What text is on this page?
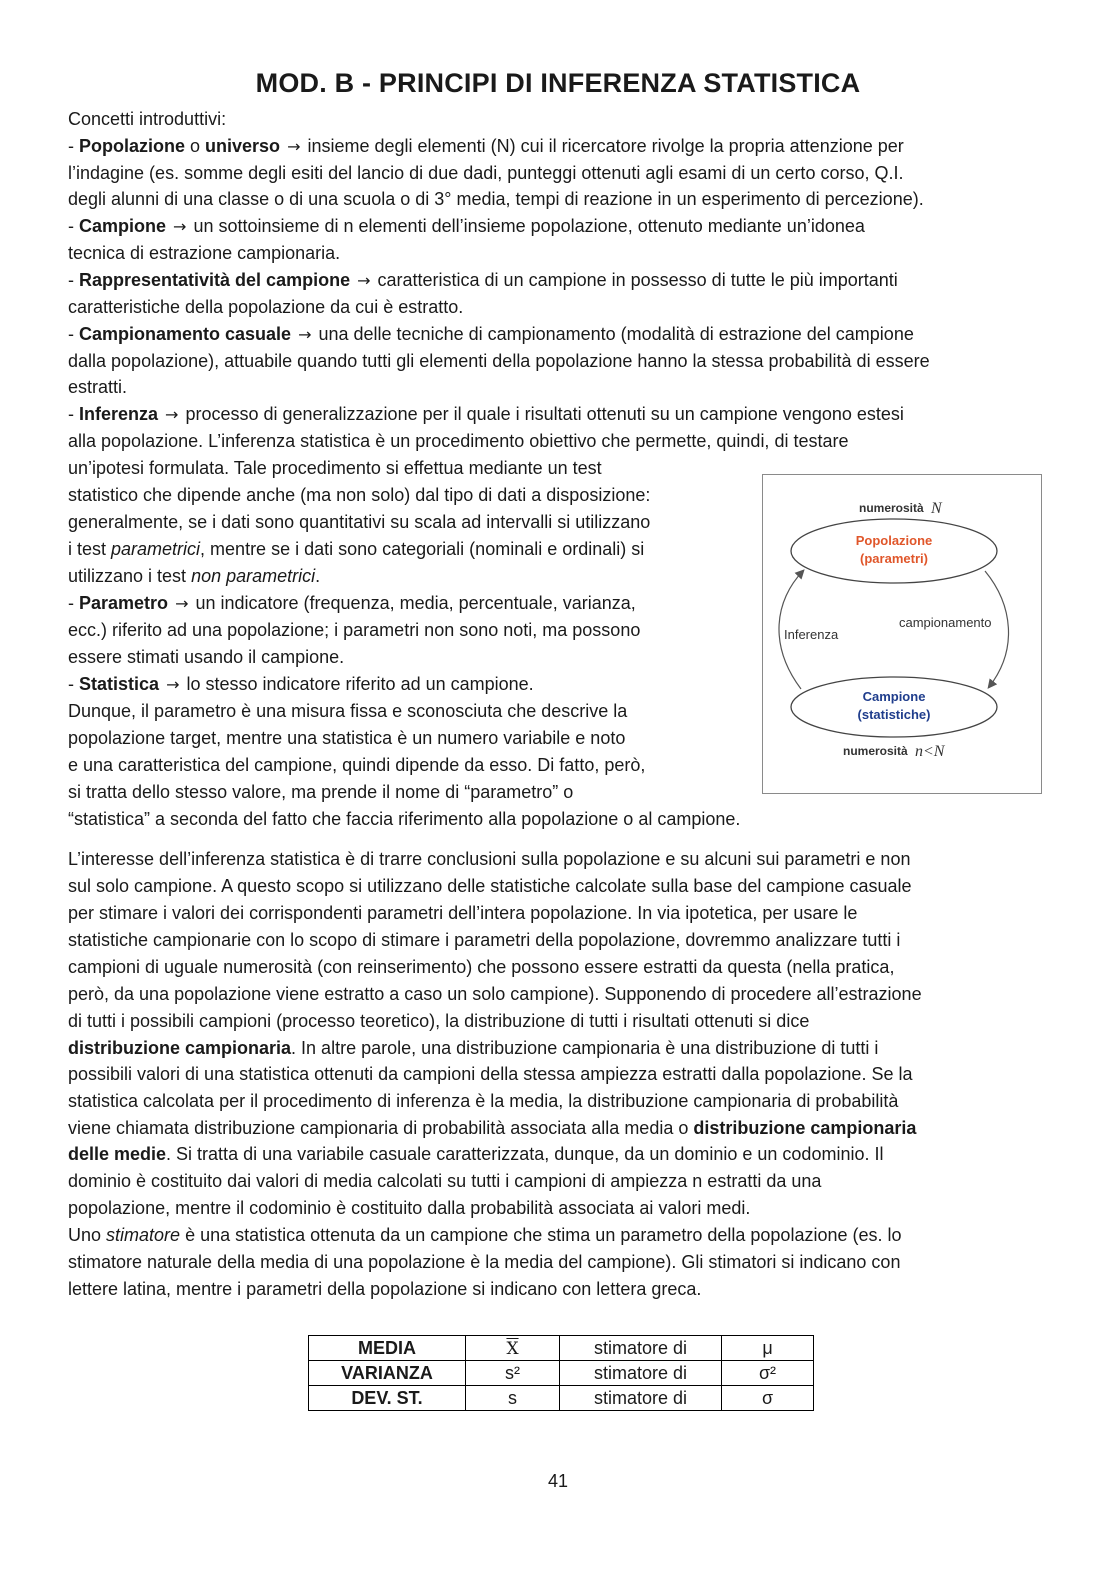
MOD. B - PRINCIPI DI INFERENZA STATISTICA
Concetti introduttivi:
- Popolazione o universo → insieme degli elementi (N) cui il ricercatore rivolge la propria attenzione per
l’indagine (es. somme degli esiti del lancio di due dadi, punteggi ottenuti agli esami di un certo corso, Q.I.
degli alunni di una classe o di una scuola o di 3° media, tempi di reazione in un esperimento di percezione).
- Campione → un sottoinsieme di n elementi dell’insieme popolazione, ottenuto mediante un’idonea
tecnica di estrazione campionaria.
- Rappresentatività del campione → caratteristica di un campione in possesso di tutte le più importanti
caratteristiche della popolazione da cui è estratto.
- Campionamento casuale → una delle tecniche di campionamento (modalità di estrazione del campione
dalla popolazione), attuabile quando tutti gli elementi della popolazione hanno la stessa probabilità di essere
estratti.
- Inferenza → processo di generalizzazione per il quale i risultati ottenuti su un campione vengono estesi
alla popolazione. L’inferenza statistica è un procedimento obiettivo che permette, quindi, di testare
un’ipotesi formulata. Tale procedimento si effettua mediante un test
statistico che dipende anche (ma non solo) dal tipo di dati a disposizione:
generalmente, se i dati sono quantitativi su scala ad intervalli si utilizzano
i test parametrici, mentre se i dati sono categoriali (nominali e ordinali) si
utilizzano i test non parametrici.
- Parametro → un indicatore (frequenza, media, percentuale, varianza,
ecc.) riferito ad una popolazione; i parametri non sono noti, ma possono
essere stimati usando il campione.
- Statistica → lo stesso indicatore riferito ad un campione.
Dunque, il parametro è una misura fissa e sconosciuta che descrive la
popolazione target, mentre una statistica è un numero variabile e noto
e una caratteristica del campione, quindi dipende da esso. Di fatto, però,
si tratta dello stesso valore, ma prende il nome di “parametro” o
“statistica” a seconda del fatto che faccia riferimento alla popolazione o al campione.
L’interesse dell’inferenza statistica è di trarre conclusioni sulla popolazione e su alcuni sui parametri e non
sul solo campione. A questo scopo si utilizzano delle statistiche calcolate sulla base del campione casuale
per stimare i valori dei corrispondenti parametri dell’intera popolazione. In via ipotetica, per usare le
statistiche campionarie con lo scopo di stimare i parametri della popolazione, dovremmo analizzare tutti i
campioni di uguale numerosità (con reinserimento) che possono essere estratti da questa (nella pratica,
però, da una popolazione viene estratto a caso un solo campione). Supponendo di procedere all’estrazione
di tutti i possibili campioni (processo teoretico), la distribuzione di tutti i risultati ottenuti si dice
distribuzione campionaria. In altre parole, una distribuzione campionaria è una distribuzione di tutti i
possibili valori di una statistica ottenuti da campioni della stessa ampiezza estratti dalla popolazione. Se la
statistica calcolata per il procedimento di inferenza è la media, la distribuzione campionaria di probabilità
viene chiamata distribuzione campionaria di probabilità associata alla media o distribuzione campionaria
delle medie. Si tratta di una variabile casuale caratterizzata, dunque, da un dominio e un codominio. Il
dominio è costituito dai valori di media calcolati su tutti i campioni di ampiezza n estratti da una
popolazione, mentre il codominio è costituito dalla probabilità associata ai valori medi.
Uno stimatore è una statistica ottenuta da un campione che stima un parametro della popolazione (es. lo
stimatore naturale della media di una popolazione è la media del campione). Gli stimatori si indicano con
lettere latina, mentre i parametri della popolazione si indicano con lettera greca.
numerosità N
Popolazione
(parametri)
Inferenza
campionamento
Campione
(statistiche)
numerosità n<N
MEDIA	$\overline{X}$	stimatore di	μ
VARIANZA	s²	stimatore di	σ²
DEV. ST.	s	stimatore di	σ
41
